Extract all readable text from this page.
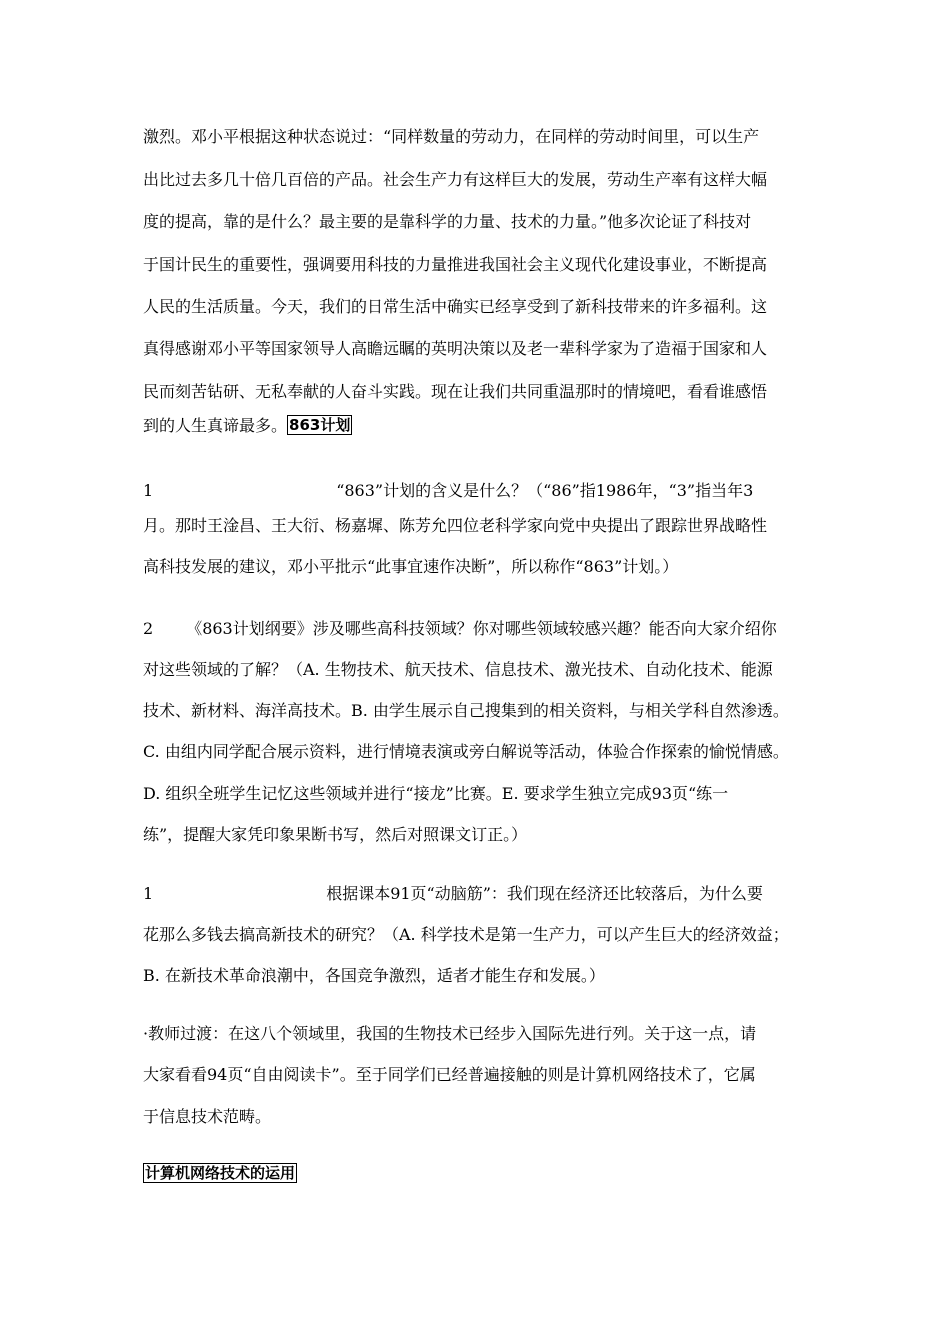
激烈。邓小平根据这种状态说过：“同样数量的劳动力，在同样的劳动时间里，可以生产
出比过去多几十倍几百倍的产品。社会生产力有这样巨大的发展，劳动生产率有这样大幅
度的提高，靠的是什么？最主要的是靠科学的力量、技术的力量。”他多次论证了科技对
于国计民生的重要性，强调要用科技的力量推进我国社会主义现代化建设事业，不断提高
人民的生活质量。今天，我们的日常生活中确实已经享受到了新科技带来的许多福利。这
真得感谢邓小平等国家领导人高瞻远瞩的英明决策以及老一辈科学家为了造福于国家和人
民而刻苦钻研、无私奉献的人奋斗实践。现在让我们共同重温那时的情境吧，看看谁感悟
到的人生真谛最多。 863计划
1	“863”计划的含义是什么？（“86”指1986年，“3”指当年3
月。那时王淦昌、王大衍、杨嘉墀、陈芳允四位老科学家向党中央提出了跟踪世界战略性
高科技发展的建议，邓小平批示“此事宜速作决断”，所以称作“863”计划。）
2 《863计划纲要》涉及哪些高科技领域？你对哪些领域较感兴趣？能否向大家介绍你
对这些领域的了解？（A. 生物技术、航天技术、信息技术、激光技术、自动化技术、能源
技术、新材料、海洋高技术。B. 由学生展示自己搜集到的相关资料，与相关学科自然渗透。
C. 由组内同学配合展示资料，进行情境表演或旁白解说等活动，体验合作探索的愉悦情感。
D. 组织全班学生记忆这些领域并进行“接龙”比赛。E. 要求学生独立完成93页“练一
练”，提醒大家凭印象果断书写，然后对照课文订正。）
1	根据课本91页“动脑筋”：我们现在经济还比较落后，为什么要
花那么多钱去搞高新技术的研究？（A. 科学技术是第一生产力，可以产生巨大的经济效益；
B. 在新技术革命浪潮中，各国竞争激烈，适者才能生存和发展。）
·教师过渡：在这八个领域里，我国的生物技术已经步入国际先进行列。关于这一点，请
大家看看94页“自由阅读卡”。至于同学们已经普遍接触的则是计算机网络技术了，它属
于信息技术范畴。
计算机网络技术的运用
